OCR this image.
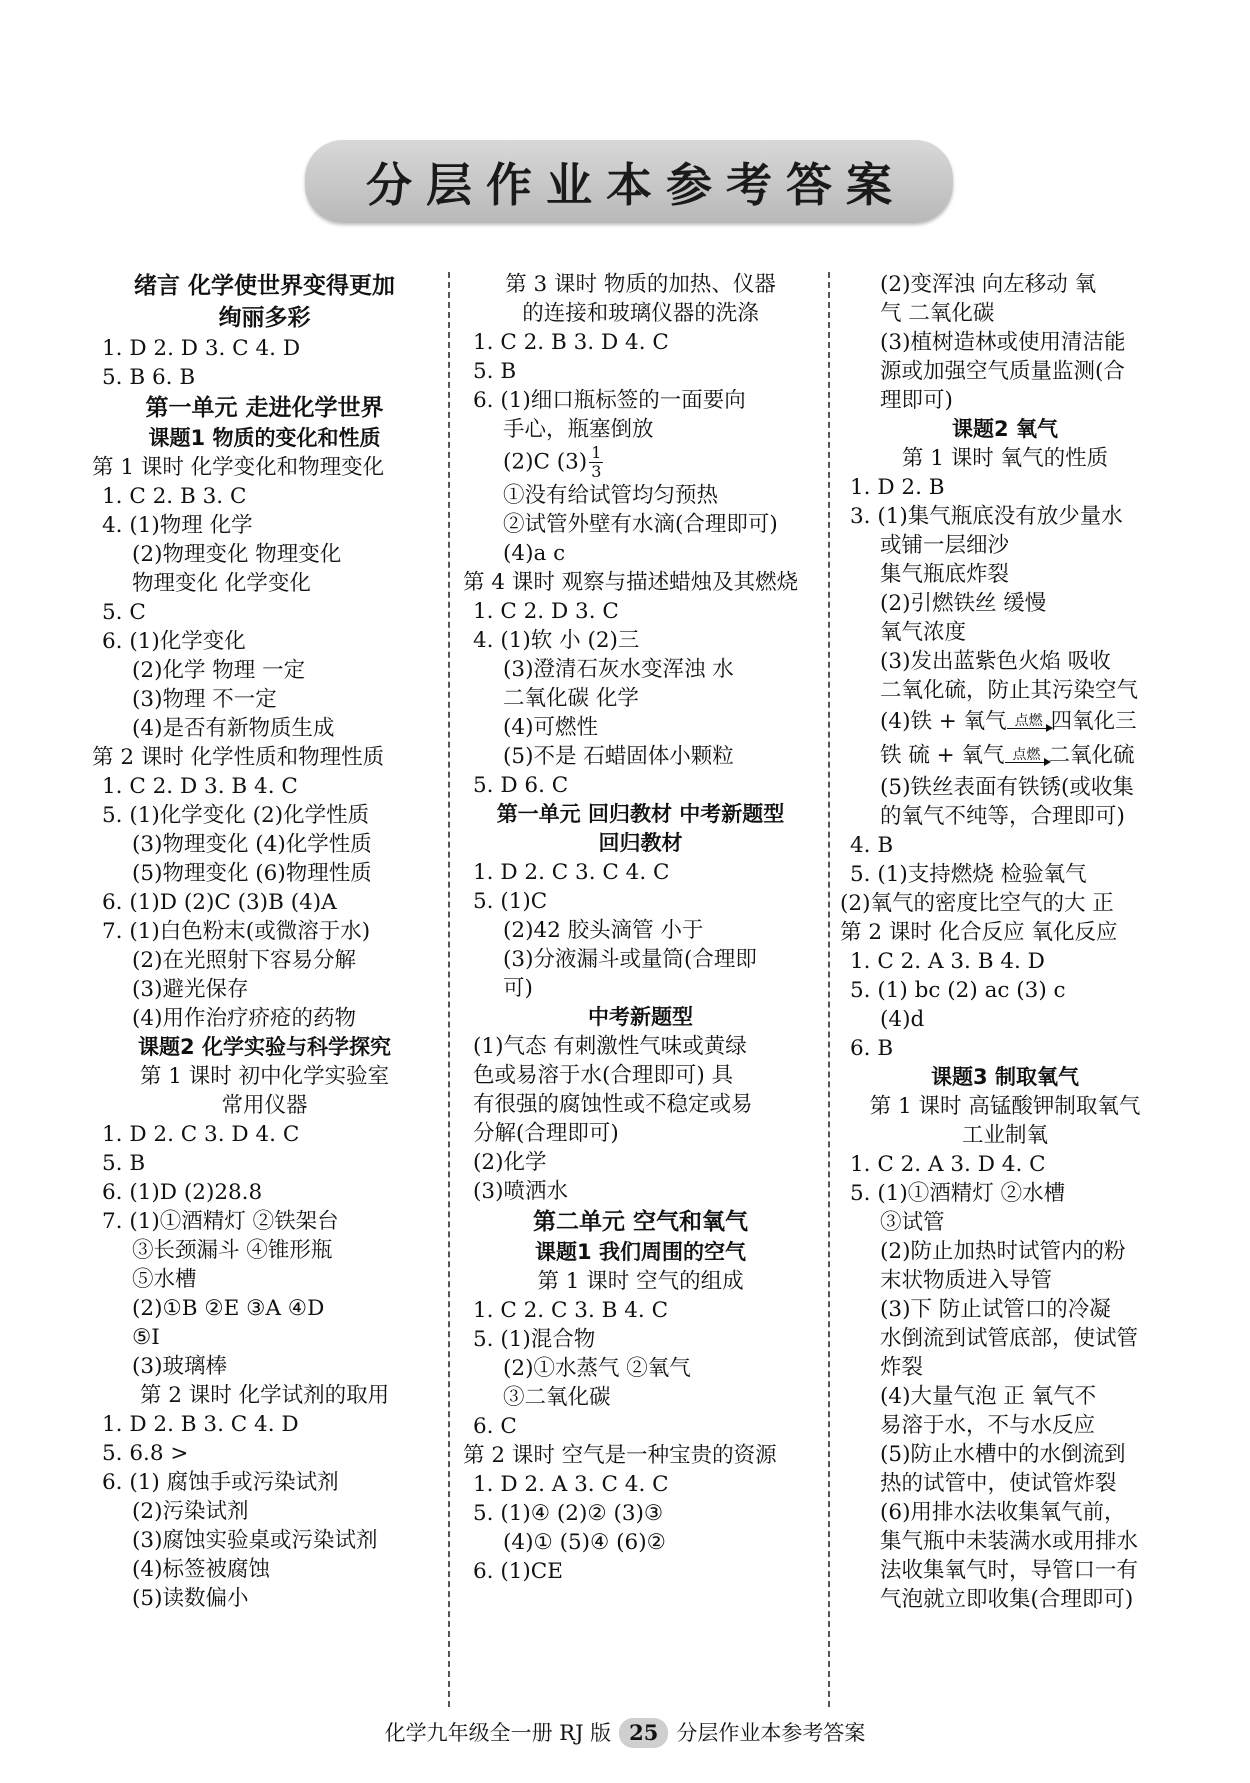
分层作业本参考答案
绪言 化学使世界变得更加
绚丽多彩
1. D 2. D 3. C 4. D
5. B 6. B
第一单元 走进化学世界
课题1 物质的变化和性质
第 1 课时 化学变化和物理变化
1. C 2. B 3. C
4. (1)物理 化学
(2)物理变化 物理变化
物理变化 化学变化
5. C
6. (1)化学变化
(2)化学 物理 一定
(3)物理 不一定
(4)是否有新物质生成
第 2 课时 化学性质和物理性质
1. C 2. D 3. B 4. C
5. (1)化学变化 (2)化学性质
(3)物理变化 (4)化学性质
(5)物理变化 (6)物理性质
6. (1)D (2)C (3)B (4)A
7. (1)白色粉末(或微溶于水)
(2)在光照射下容易分解
(3)避光保存
(4)用作治疗疥疮的药物
课题2 化学实验与科学探究
第 1 课时 初中化学实验室
常用仪器
1. D 2. C 3. D 4. C
5. B
6. (1)D (2)28.8
7. (1)①酒精灯 ②铁架台
③长颈漏斗 ④锥形瓶
⑤水槽
(2)①B ②E ③A ④D
⑤I
(3)玻璃棒
第 2 课时 化学试剂的取用
1. D 2. B 3. C 4. D
5. 6.8 >
6. (1) 腐蚀手或污染试剂
(2)污染试剂
(3)腐蚀实验桌或污染试剂
(4)标签被腐蚀
(5)读数偏小
第 3 课时 物质的加热、仪器
的连接和玻璃仪器的洗涤
1. C 2. B 3. D 4. C
5. B
6. (1)细口瓶标签的一面要向
手心，瓶塞倒放
(2)C $(3) \frac{1}{3}$
①没有给试管均匀预热
②试管外壁有水滴(合理即可)
(4)a c
第 4 课时 观察与描述蜡烛及其燃烧
1. C 2. D 3. C
4. (1)软 小 (2)三
(3)澄清石灰水变浑浊 水
二氧化碳 化学
(4)可燃性
(5)不是 石蜡固体小颗粒
5. D 6. C
第一单元 回归教材 中考新题型
回归教材
1. D 2. C 3. C 4. C
5. (1)C
(2)42 胶头滴管 小于
(3)分液漏斗或量筒(合理即
可)
中考新题型
(1)气态 有刺激性气味或黄绿
色或易溶于水(合理即可) 具
有很强的腐蚀性或不稳定或易
分解(合理即可)
(2)化学
(3)喷洒水
第二单元 空气和氧气
课题1 我们周围的空气
第 1 课时 空气的组成
1. C 2. C 3. B 4. C
5. (1)混合物
(2)①水蒸气 ②氧气
③二氧化碳
6. C
第 2 课时 空气是一种宝贵的资源
1. D 2. A 3. C 4. C
5. (1)④ (2)② (3)③
(4)① (5)④ (6)②
6. (1)CE
(2)变浑浊 向左移动 氧
气 二氧化碳
(3)植树造林或使用清洁能
源或加强空气质量监测(合
理即可)
课题2 氧气
第 1 课时 氧气的性质
1. D 2. B
3. (1)集气瓶底没有放少量水
或铺一层细沙
集气瓶底炸裂
(2)引燃铁丝 缓慢
氧气浓度
(3)发出蓝紫色火焰 吸收
二氧化硫，防止其污染空气
(4)铁 + 氧气 点燃 四氧化三
铁 硫 + 氧气 点燃 二氧化硫
(5)铁丝表面有铁锈(或收集
的氧气不纯等，合理即可)
4. B
5. (1)支持燃烧 检验氧气
(2)氧气的密度比空气的大 正
第 2 课时 化合反应 氧化反应
1. C 2. A 3. B 4. D
5. (1) bc (2) ac (3) c
(4)d
6. B
课题3 制取氧气
第 1 课时 高锰酸钾制取氧气
工业制氧
1. C 2. A 3. D 4. C
5. (1)①酒精灯 ②水槽
③试管
(2)防止加热时试管内的粉
末状物质进入导管
(3)下 防止试管口的冷凝
水倒流到试管底部，使试管
炸裂
(4)大量气泡 正 氧气不
易溶于水，不与水反应
(5)防止水槽中的水倒流到
热的试管中，使试管炸裂
(6)用排水法收集氧气前，
集气瓶中未装满水或用排水
法收集氧气时，导管口一有
气泡就立即收集(合理即可)
化学九年级全一册 RJ 版 25 分层作业本参考答案
